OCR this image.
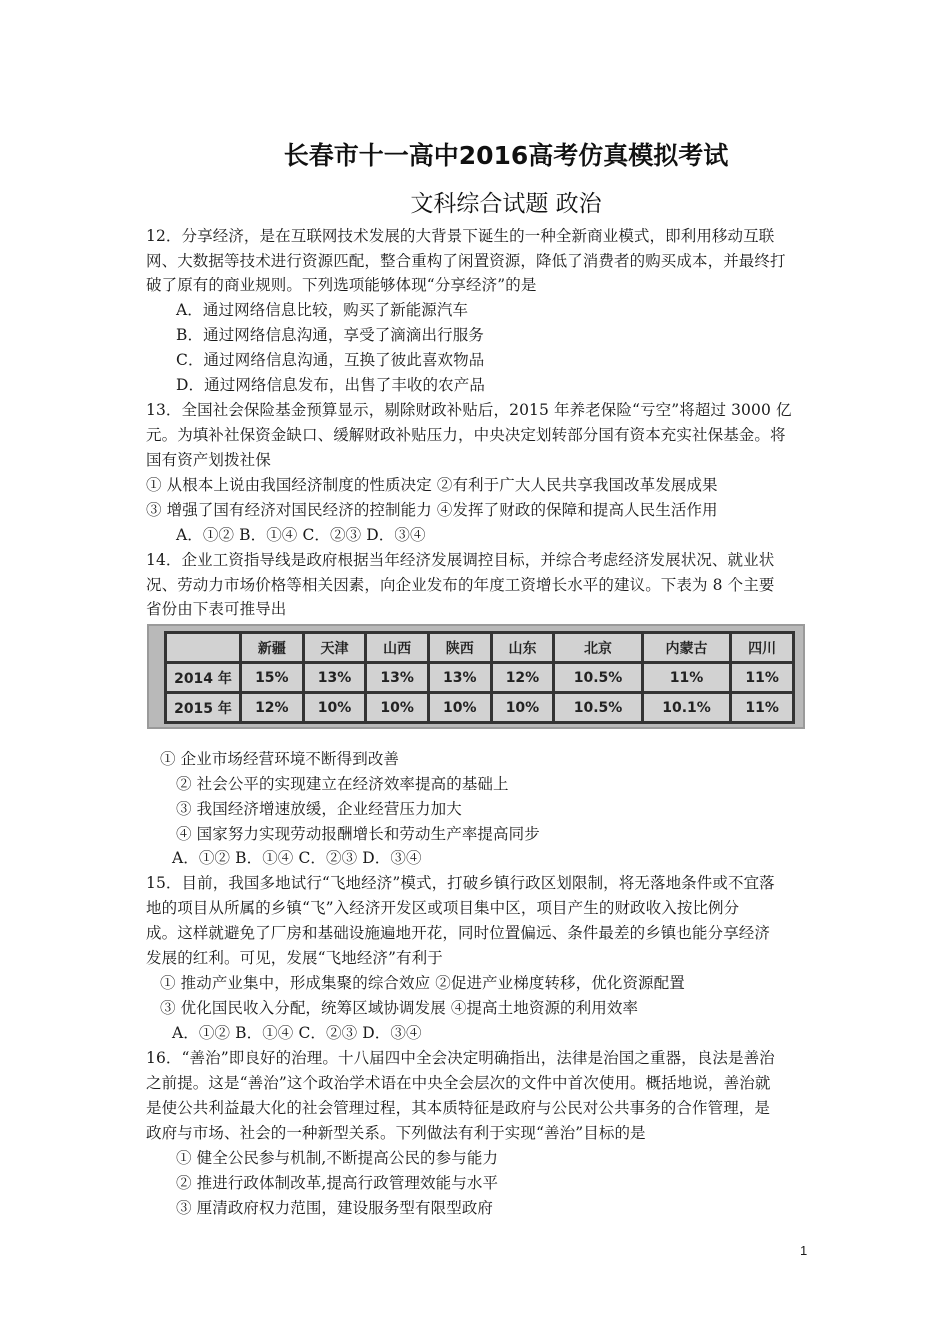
长春市十一高中2016高考仿真模拟考试
文科综合试题 政治
12．分享经济，是在互联网技术发展的大背景下诞生的一种全新商业模式，即利用移动互联
网、大数据等技术进行资源匹配，整合重构了闲置资源，降低了消费者的购买成本，并最终打
破了原有的商业规则。下列选项能够体现“分享经济”的是
A．通过网络信息比较，购买了新能源汽车
B．通过网络信息沟通，享受了滴滴出行服务
C．通过网络信息沟通，互换了彼此喜欢物品
D．通过网络信息发布，出售了丰收的农产品
13．全国社会保险基金预算显示，剔除财政补贴后，2015 年养老保险“亏空”将超过 3000 亿
元。为填补社保资金缺口、缓解财政补贴压力，中央决定划转部分国有资本充实社保基金。将
国有资产划拨社保
① 从根本上说由我国经济制度的性质决定 ②有利于广大人民共享我国改革发展成果
③ 增强了国有经济对国民经济的控制能力 ④发挥了财政的保障和提高人民生活作用
A．①② B．①④ C．②③ D．③④
14．企业工资指导线是政府根据当年经济发展调控目标，并综合考虑经济发展状况、就业状
况、劳动力市场价格等相关因素，向企业发布的年度工资增长水平的建议。下表为 8 个主要
省份由下表可推导出
	新疆	天津	山西	陕西	山东	北京	内蒙古	四川
2014 年	15%	13%	13%	13%	12%	10.5%	11%	11%
2015 年	12%	10%	10%	10%	10%	10.5%	10.1%	11%
① 企业市场经营环境不断得到改善
② 社会公平的实现建立在经济效率提高的基础上
③ 我国经济增速放缓，企业经营压力加大
④ 国家努力实现劳动报酬增长和劳动生产率提高同步
A．①② B．①④ C．②③ D．③④
15．目前，我国多地试行“飞地经济”模式，打破乡镇行政区划限制，将无落地条件或不宜落
地的项目从所属的乡镇“飞”入经济开发区或项目集中区，项目产生的财政收入按比例分
成。这样就避免了厂房和基础设施遍地开花，同时位置偏远、条件最差的乡镇也能分享经济
发展的红利。可见，发展“飞地经济”有利于
① 推动产业集中，形成集聚的综合效应 ②促进产业梯度转移，优化资源配置
③ 优化国民收入分配，统筹区域协调发展 ④提高土地资源的利用效率
A．①② B．①④ C．②③ D．③④
16．“善治”即良好的治理。十八届四中全会决定明确指出，法律是治国之重器，良法是善治
之前提。这是“善治”这个政治学术语在中央全会层次的文件中首次使用。概括地说，善治就
是使公共利益最大化的社会管理过程，其本质特征是政府与公民对公共事务的合作管理，是
政府与市场、社会的一种新型关系。下列做法有利于实现“善治”目标的是
① 健全公民参与机制,不断提高公民的参与能力
② 推进行政体制改革,提高行政管理效能与水平
③ 厘清政府权力范围，建设服务型有限型政府
1
